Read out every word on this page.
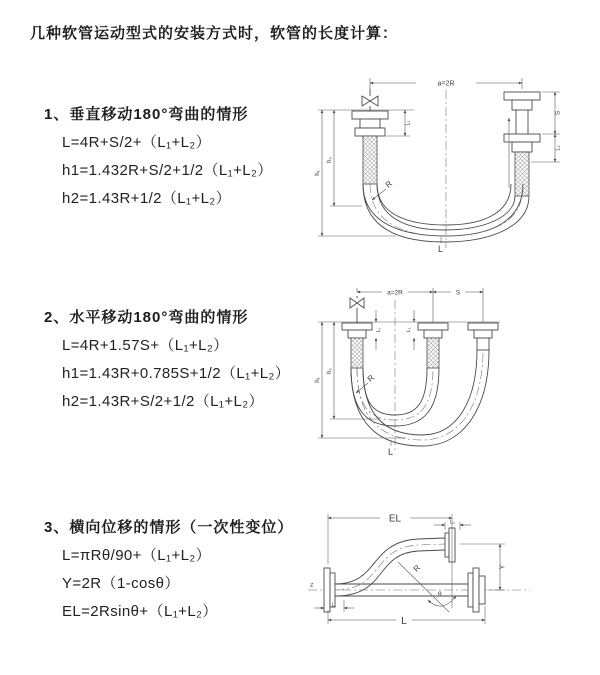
几种软管运动型式的安装方式时，软管的长度计算：
1、垂直移动180°弯曲的情形
L=4R+S/2+（L₁+L₂）
h1=1.432R+S/2+1/2（L₁+L₂）
h2=1.43R+1/2（L₁+L₂）
2、水平移动180°弯曲的情形
L=4R+1.57S+（L₁+L₂）
h1=1.43R+0.785S+1/2（L₁+L₂）
h2=1.43R+S/2+1/2（L₁+L₂）
3、横向位移的情形（一次性变位）
L=πRθ/90+（L₁+L₂）
Y=2R（1-cosθ）
EL=2Rsinθ+（L₁+L₂）
a=2R
S
L₂
L₁
h₁
h₂
R
L
a=2R	S
L₁	L₂
h₁
h₂
R
L
Z
EL	L₂
θ
R	Y
L
L₁
